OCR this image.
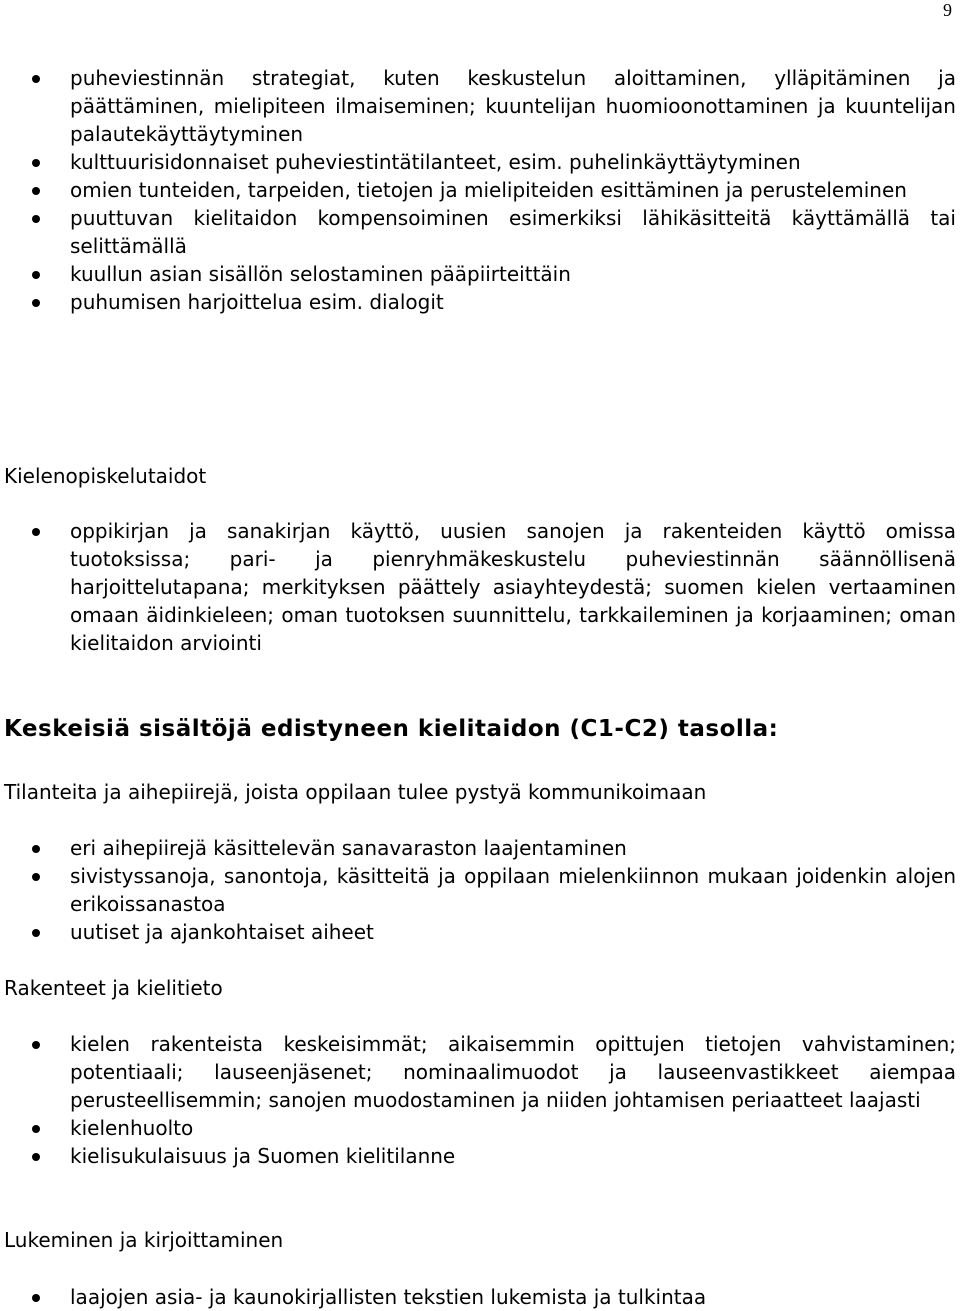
9
puheviestinnän strategiat, kuten keskustelun aloittaminen, ylläpitäminen ja päättäminen, mielipiteen ilmaiseminen; kuuntelijan huomioonottaminen ja kuuntelijan palautekäyttäytyminen
kulttuurisidonnaiset puheviestintätilanteet, esim. puhelinkäyttäytyminen
omien tunteiden, tarpeiden, tietojen ja mielipiteiden esittäminen ja perusteleminen
puuttuvan kielitaidon kompensoiminen esimerkiksi lähikäsitteitä käyttämällä tai selittämällä
kuullun asian sisällön selostaminen pääpiirteittäin
puhumisen harjoittelua esim. dialogit
Kielenopiskelutaidot
oppikirjan ja sanakirjan käyttö, uusien sanojen ja rakenteiden käyttö omissa tuotoksissa; pari- ja pienryhmäkeskustelu puheviestinnän säännöllisenä harjoittelutapana; merkityksen päättely asiayhteydestä; suomen kielen vertaaminen omaan äidinkieleen; oman tuotoksen suunnittelu, tarkkaileminen ja korjaaminen; oman kielitaidon arviointi
Keskeisiä sisältöjä edistyneen kielitaidon (C1-C2) tasolla:
Tilanteita ja aihepiirejä, joista oppilaan tulee pystyä kommunikoimaan
eri aihepiirejä käsittelevän sanavaraston laajentaminen
sivistyssanoja, sanontoja, käsitteitä ja oppilaan mielenkiinnon mukaan joidenkin alojen erikoissanastoa
uutiset ja ajankohtaiset aiheet
Rakenteet ja kielitieto
kielen rakenteista keskeisimmät; aikaisemmin opittujen tietojen vahvistaminen; potentiaali; lauseenjäsenet; nominaalimuodot ja lauseenvastikkeet aiempaa perusteellisemmin; sanojen muodostaminen ja niiden johtamisen periaatteet laajasti
kielenhuolto
kielisukulaisuus ja Suomen kielitilanne
Lukeminen ja kirjoittaminen
laajojen asia- ja kaunokirjallisten tekstien lukemista ja tulkintaa
